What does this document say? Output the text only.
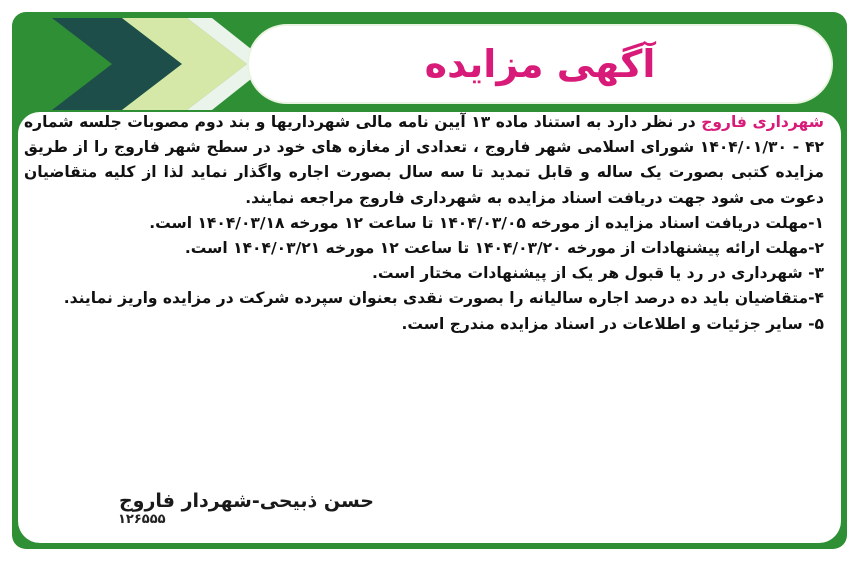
آگهی مزایده

شهرداری فاروج در نظر دارد به استناد ماده ۱۳ آیین نامه مالی شهرداریها و بند دوم مصوبات جلسه شماره ۴۲ - ۱۴۰۴/۰۱/۳۰ شورای اسلامی شهر فاروج ، تعدادی از مغازه های خود در سطح شهر فاروج را از طریق مزایده کتبی بصورت یک ساله و قابل تمدید تا سه سال بصورت اجاره واگذار نماید لذا از کلیه متقاضیان دعوت می شود جهت دریافت اسناد مزایده به شهرداری فاروج مراجعه نمایند.

۱-مهلت دریافت اسناد مزایده از مورخه ۱۴۰۴/۰۳/۰۵ تا ساعت ۱۲ مورخه ۱۴۰۴/۰۳/۱۸ است.

۲-مهلت ارائه پیشنهادات از مورخه ۱۴۰۴/۰۳/۲۰ تا ساعت ۱۲ مورخه ۱۴۰۴/۰۳/۲۱ است.

۳- شهرداری در رد یا قبول هر یک از پیشنهادات مختار است.

۴-متقاضیان باید ده درصد اجاره سالیانه را بصورت نقدی بعنوان سپرده شرکت در مزایده واریز نمایند.

۵- سایر جزئیات و اطلاعات در اسناد مزایده مندرج است.

حسن ذبیحی-شهردار فاروج
۱۲۶۵۵۵
